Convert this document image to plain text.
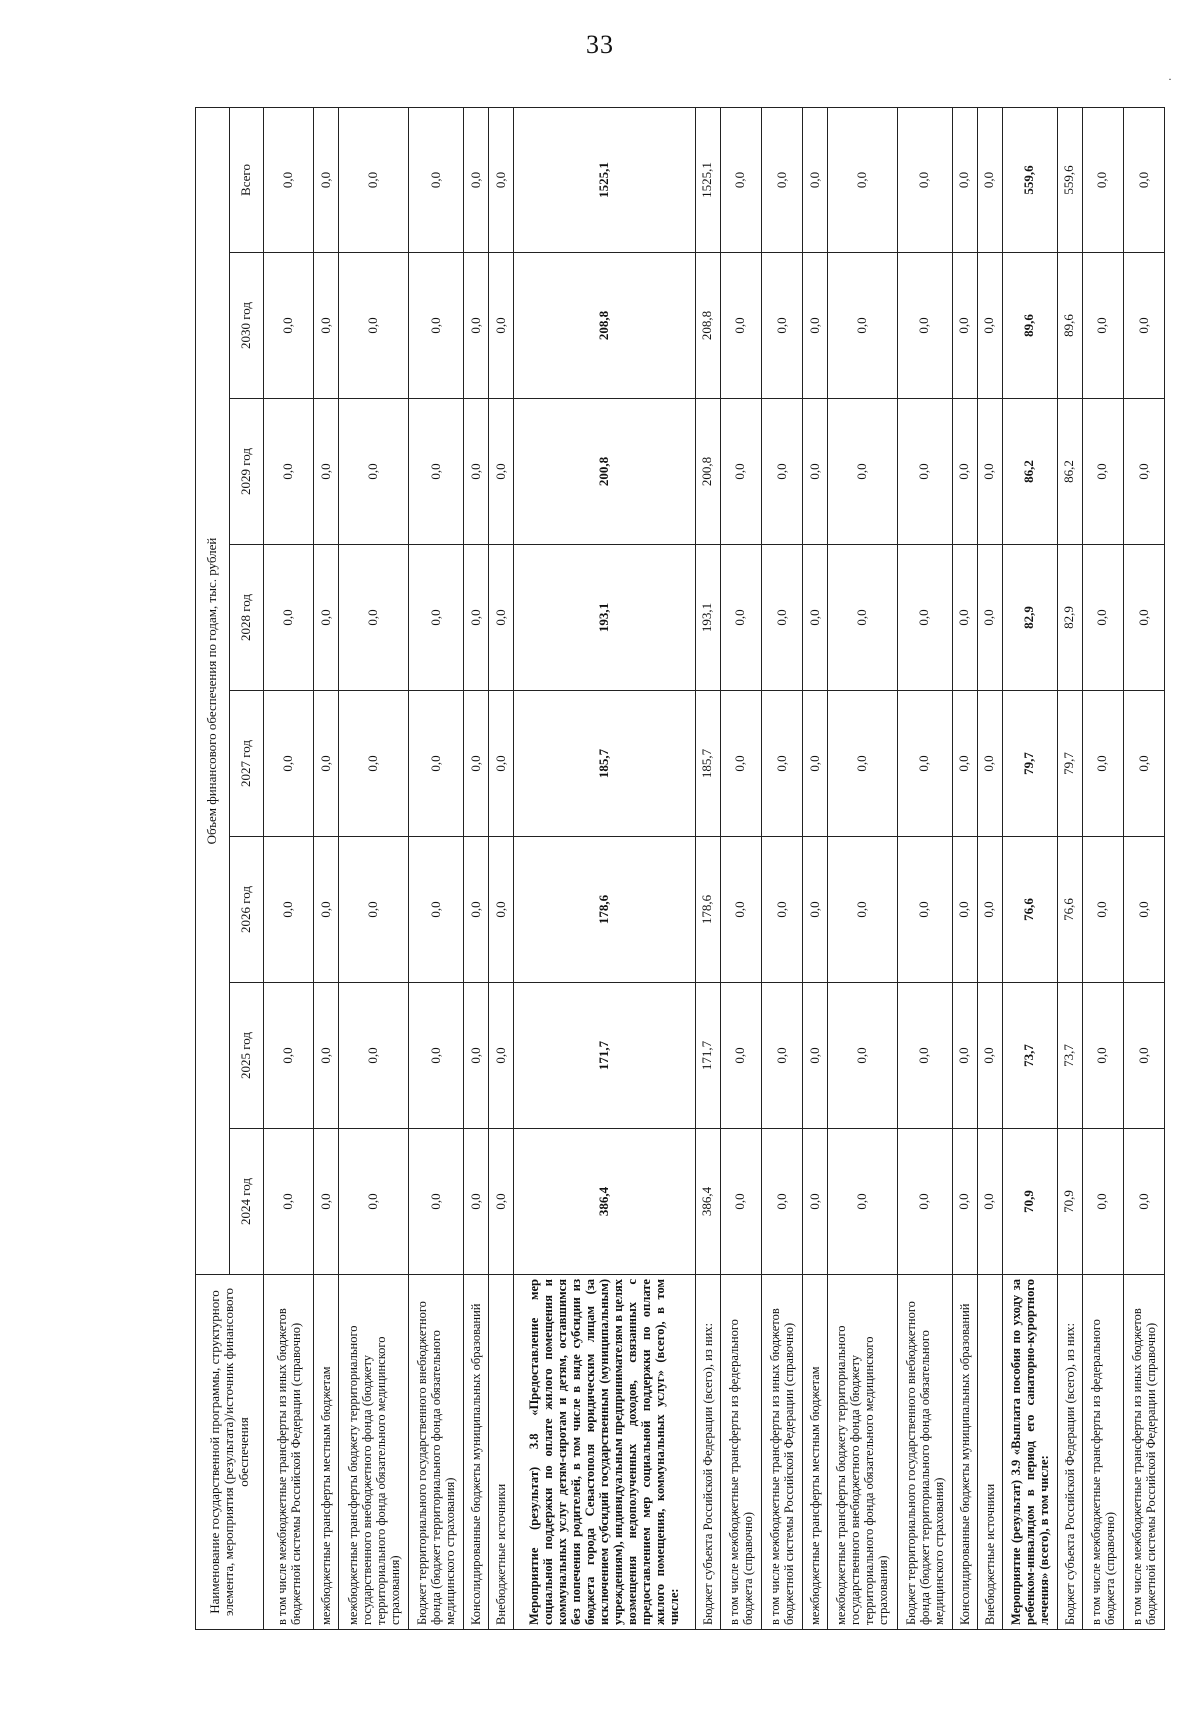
33
·
Наименование государственной программы, структурного элемента, мероприятия (результата)/источник финансового обеспечения	Объем финансового обеспечения по годам, тыс. рублей							
	2024 год	2025 год	2026 год	2027 год	2028 год	2029 год	2030 год	Всего
в том числе межбюджетные трансферты из иных бюджетов бюджетной системы Российской Федерации (справочно)	0,0	0,0	0,0	0,0	0,0	0,0	0,0	0,0
межбюджетные трансферты местным бюджетам	0,0	0,0	0,0	0,0	0,0	0,0	0,0	0,0
межбюджетные трансферты бюджету территориального государственного внебюджетного фонда (бюджету территориального фонда обязательного медицинского страхования)	0,0	0,0	0,0	0,0	0,0	0,0	0,0	0,0
Бюджет территориального государственного внебюджетного фонда (бюджет территориального фонда обязательного медицинского страхования)	0,0	0,0	0,0	0,0	0,0	0,0	0,0	0,0
Консолидированные бюджеты муниципальных образований	0,0	0,0	0,0	0,0	0,0	0,0	0,0	0,0
Внебюджетные источники	0,0	0,0	0,0	0,0	0,0	0,0	0,0	0,0
Мероприятие (результат) 3.8 «Предоставление мер социальной поддержки по оплате жилого помещения и коммунальных услуг детям-сиротам и детям, оставшимся без попечения родителей, в том числе в виде субсидии из бюджета города Севастополя юридическим лицам (за исключением субсидий государственным (муниципальным) учреждениям), индивидуальным предпринимателям в целях возмещения недополученных доходов, связанных с предоставлением мер социальной поддержки по оплате жилого помещения, коммунальных услуг» (всего), в том числе:	386,4	171,7	178,6	185,7	193,1	200,8	208,8	1525,1
Бюджет субъекта Российской Федерации (всего), из них:	386,4	171,7	178,6	185,7	193,1	200,8	208,8	1525,1
в том числе межбюджетные трансферты из федерального бюджета (справочно)	0,0	0,0	0,0	0,0	0,0	0,0	0,0	0,0
в том числе межбюджетные трансферты из иных бюджетов бюджетной системы Российской Федерации (справочно)	0,0	0,0	0,0	0,0	0,0	0,0	0,0	0,0
межбюджетные трансферты местным бюджетам	0,0	0,0	0,0	0,0	0,0	0,0	0,0	0,0
межбюджетные трансферты бюджету территориального государственного внебюджетного фонда (бюджету территориального фонда обязательного медицинского страхования)	0,0	0,0	0,0	0,0	0,0	0,0	0,0	0,0
Бюджет территориального государственного внебюджетного фонда (бюджет территориального фонда обязательного медицинского страхования)	0,0	0,0	0,0	0,0	0,0	0,0	0,0	0,0
Консолидированные бюджеты муниципальных образований	0,0	0,0	0,0	0,0	0,0	0,0	0,0	0,0
Внебюджетные источники	0,0	0,0	0,0	0,0	0,0	0,0	0,0	0,0
Мероприятие (результат) 3.9 «Выплата пособия по уходу за ребенком-инвалидом в период его санаторно-курортного лечения» (всего), в том числе:	70,9	73,7	76,6	79,7	82,9	86,2	89,6	559,6
Бюджет субъекта Российской Федерации (всего), из них:	70,9	73,7	76,6	79,7	82,9	86,2	89,6	559,6
в том числе межбюджетные трансферты из федерального бюджета (справочно)	0,0	0,0	0,0	0,0	0,0	0,0	0,0	0,0
в том числе межбюджетные трансферты из иных бюджетов бюджетной системы Российской Федерации (справочно)	0,0	0,0	0,0	0,0	0,0	0,0	0,0	0,0
